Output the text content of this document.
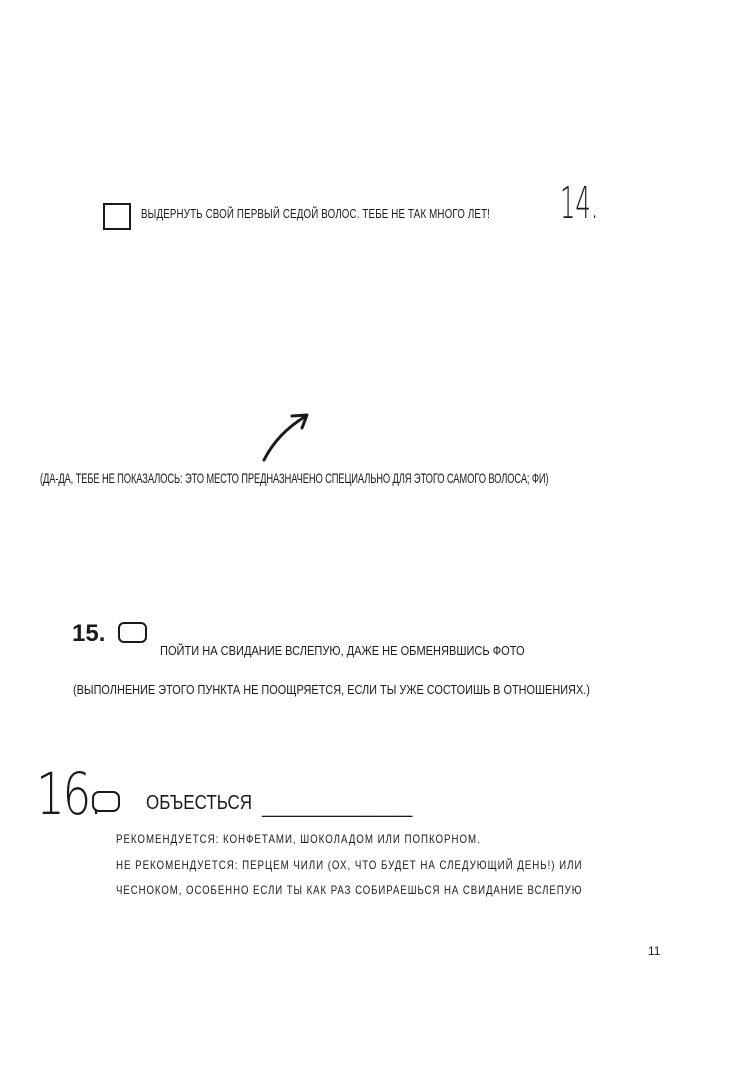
ВЫДЕРНУТЬ СВОЙ ПЕРВЫЙ СЕДОЙ ВОЛОС. ТЕБЕ НЕ ТАК МНОГО ЛЕТ! 14.
(ДА-ДА, ТЕБЕ НЕ ПОКАЗАЛОСЬ: ЭТО МЕСТО ПРЕДНАЗНАЧЕНО СПЕЦИАЛЬНО ДЛЯ ЭТОГО САМОГО ВОЛОСА; ФИ)
15.
ПОЙТИ НА СВИДАНИЕ ВСЛЕПУЮ, ДАЖЕ НЕ ОБМЕНЯВШИСЬ ФОТО
(ВЫПОЛНЕНИЕ ЭТОГО ПУНКТА НЕ ПООЩРЯЕТСЯ, ЕСЛИ ТЫ УЖЕ СОСТОИШЬ В ОТНОШЕНИЯХ.)
16. ОБЪЕСТЬСЯ ___________________
РЕКОМЕНДУЕТСЯ: КОНФЕТАМИ, ШОКОЛАДОМ ИЛИ ПОПКОРНОМ.
НЕ РЕКОМЕНДУЕТСЯ: ПЕРЦЕМ ЧИЛИ (ОХ, ЧТО БУДЕТ НА СЛЕДУЮЩИЙ ДЕНЬ!) ИЛИ
ЧЕСНОКОМ, ОСОБЕННО ЕСЛИ ТЫ КАК РАЗ СОБИРАЕШЬСЯ НА СВИДАНИЕ ВСЛЕПУЮ
11
